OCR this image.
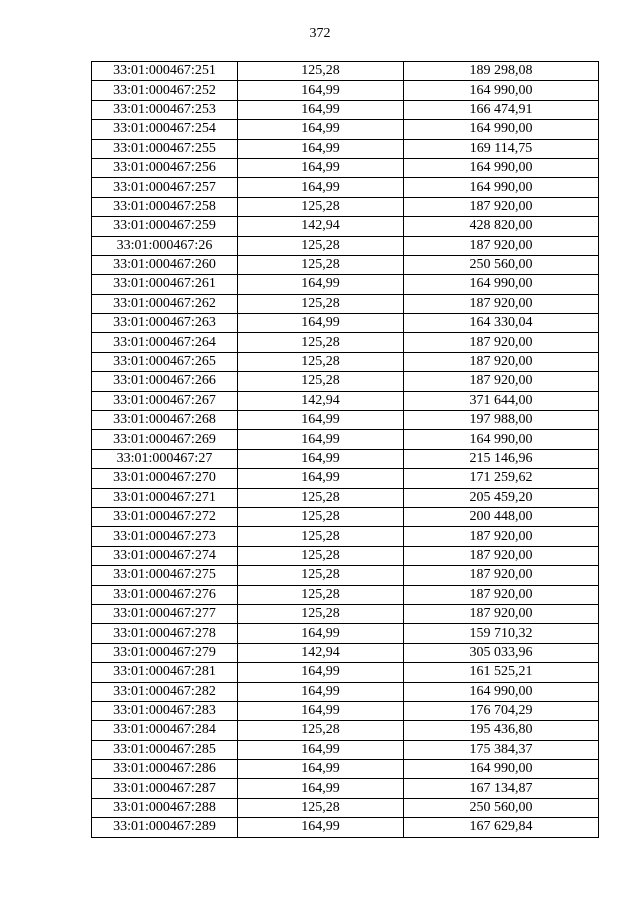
372
33:01:000467:251	125,28	189 298,08
33:01:000467:252	164,99	164 990,00
33:01:000467:253	164,99	166 474,91
33:01:000467:254	164,99	164 990,00
33:01:000467:255	164,99	169 114,75
33:01:000467:256	164,99	164 990,00
33:01:000467:257	164,99	164 990,00
33:01:000467:258	125,28	187 920,00
33:01:000467:259	142,94	428 820,00
33:01:000467:26	125,28	187 920,00
33:01:000467:260	125,28	250 560,00
33:01:000467:261	164,99	164 990,00
33:01:000467:262	125,28	187 920,00
33:01:000467:263	164,99	164 330,04
33:01:000467:264	125,28	187 920,00
33:01:000467:265	125,28	187 920,00
33:01:000467:266	125,28	187 920,00
33:01:000467:267	142,94	371 644,00
33:01:000467:268	164,99	197 988,00
33:01:000467:269	164,99	164 990,00
33:01:000467:27	164,99	215 146,96
33:01:000467:270	164,99	171 259,62
33:01:000467:271	125,28	205 459,20
33:01:000467:272	125,28	200 448,00
33:01:000467:273	125,28	187 920,00
33:01:000467:274	125,28	187 920,00
33:01:000467:275	125,28	187 920,00
33:01:000467:276	125,28	187 920,00
33:01:000467:277	125,28	187 920,00
33:01:000467:278	164,99	159 710,32
33:01:000467:279	142,94	305 033,96
33:01:000467:281	164,99	161 525,21
33:01:000467:282	164,99	164 990,00
33:01:000467:283	164,99	176 704,29
33:01:000467:284	125,28	195 436,80
33:01:000467:285	164,99	175 384,37
33:01:000467:286	164,99	164 990,00
33:01:000467:287	164,99	167 134,87
33:01:000467:288	125,28	250 560,00
33:01:000467:289	164,99	167 629,84
